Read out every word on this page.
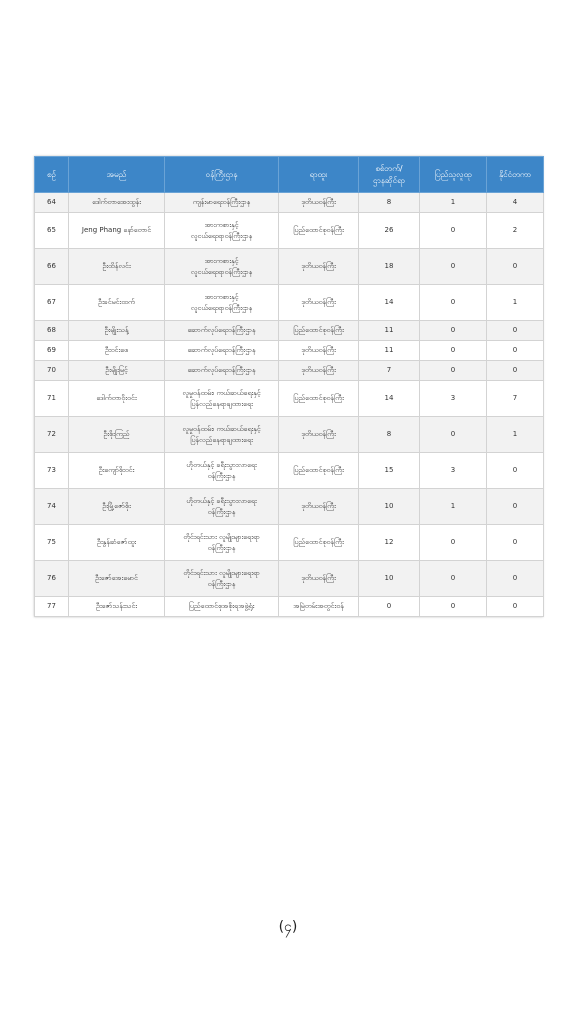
စဉ်	အမည်	ဝန်ကြီးဌာန	ရာထူး	စစ်ဘက်/
ဌာနဆိုင်ရာ	ပြည်သူလူထု	နိုင်ငံတကာ
64	ဒေါက်တာအေးထွန်း	ကျန်းမာရေးဝန်ကြီးဌာန	ဒုတိယဝန်ကြီး	8	1	4
65	Jeng Phang နော်တောင်	အားကစားနှင့်
လူငယ်ရေးရာဝန်ကြီးဌာန	ပြည်ထောင်စုဝန်ကြီး	26	0	2
66	ဦးထိန်လင်း	အားကစားနှင့်
လူငယ်ရေးရာဝန်ကြီးဌာန	ဒုတိယဝန်ကြီး	18	0	0
67	ဦးခင်မင်းထက်	အားကစားနှင့်
လူငယ်ရေးရာဝန်ကြီးဌာန	ဒုတိယဝန်ကြီး	14	0	1
68	ဦးမျိုးသန့်	ဆောက်လုပ်ရေးဝန်ကြီးဌာန	ပြည်ထောင်စုဝန်ကြီး	11	0	0
69	ဦးဝင်းဖေ	ဆောက်လုပ်ရေးဝန်ကြီးဌာန	ဒုတိယဝန်ကြီး	11	0	0
70	ဦးမျိုးမြင့်	ဆောက်လုပ်ရေးဝန်ကြီးဌာန	ဒုတိယဝန်ကြီး	7	0	0
71	ဒေါက်တာဝိုးဝင်း	လူမှုဝန်ထမ်း၊ ကယ်ဆယ်ရေးနှင့်
ပြန်လည်နေရာချထားရေး	ပြည်ထောင်စုဝန်ကြီး	14	3	7
72	ဦးစိုးကြည်	လူမှုဝန်ထမ်း၊ ကယ်ဆယ်ရေးနှင့်
ပြန်လည်နေရာချထားရေး	ဒုတိယဝန်ကြီး	8	0	1
73	ဦးကျော်စိုးဝင်း	ဟိုတယ်နှင့် ခရီးသွားလာရေး
ဝန်ကြီးဌာန	ပြည်ထောင်စုဝန်ကြီး	15	3	0
74	ဦးမြို့ဇော်စိုး	ဟိုတယ်နှင့် ခရီးသွားလာရေး
ဝန်ကြီးဌာန	ဒုတိယဝန်ကြီး	10	1	0
75	ဦးနွန်ဆံဇော်ထူး	တိုင်းရင်းသား လူမျိုးများရေးရာ
ဝန်ကြီးဌာန	ပြည်ထောင်စုဝန်ကြီး	12	0	0
76	ဦးဇော်အေးမောင်	တိုင်းရင်းသား လူမျိုးများရေးရာ
ဝန်ကြီးဌာန	ဒုတိယဝန်ကြီး	10	0	0
77	ဦးဇော်သန်းသင်း	ပြည်ထောင်စုအစိုးရအဖွဲ့ရုံး	အမြဲတမ်းအတွင်းဝန်	0	0	0
(၄)
